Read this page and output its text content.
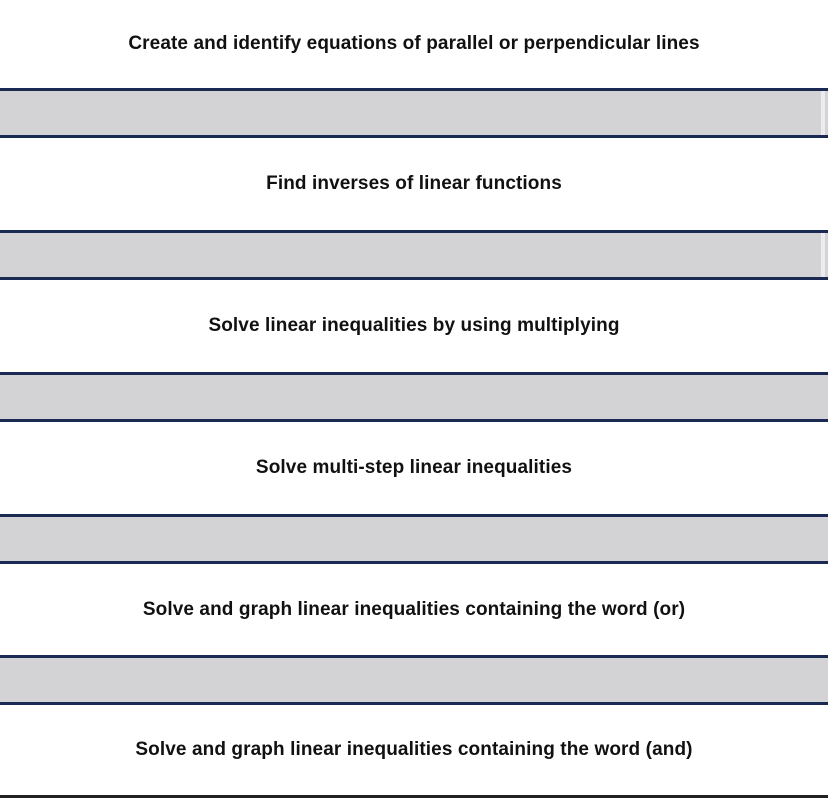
Create and identify equations of parallel or perpendicular lines
Find inverses of linear functions
Solve linear inequalities by using multiplying
Solve multi-step linear inequalities
Solve and graph linear inequalities containing the word (or)
Solve and graph linear inequalities containing the word (and)
